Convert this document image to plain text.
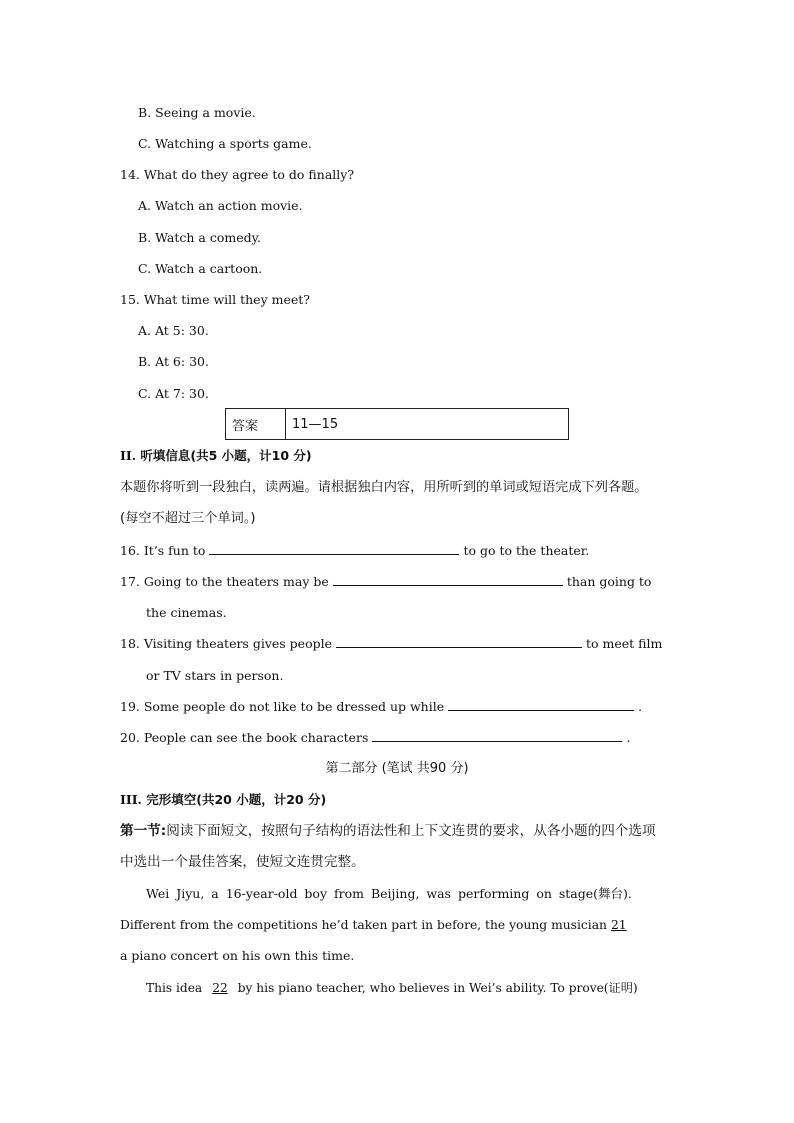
B. Seeing a movie.
C. Watching a sports game.
14. What do they agree to do finally?
A. Watch an action movie.
B. Watch a comedy.
C. Watch a cartoon.
15. What time will they meet?
A. At 5: 30.
B. At 6: 30.
C. At 7: 30.
答案	11—15
II. 听填信息(共5 小题，计10 分)
本题你将听到一段独白，读两遍。请根据独白内容，用所听到的单词或短语完成下列各题。
(每空不超过三个单词。)
16. It’s fun to	to go to the theater.
17. Going to the theaters may be	than going to
the cinemas.
18. Visiting theaters gives people	to meet film
or TV stars in person.
19. Some people do not like to be dressed up while	.
20. People can see the book characters	.
第二部分 (笔试 共90 分)
III. 完形填空(共20 小题，计20 分)
第一节:阅读下面短文，按照句子结构的语法性和上下文连贯的要求，从各小题的四个选项
中选出一个最佳答案，使短文连贯完整。
Wei Jiyu, a 16-year-old boy from Beijing, was performing on stage(舞台).
Different from the competitions he’d taken part in before, the young musician 21
a piano concert on his own this time.
This idea 22 by his piano teacher, who believes in Wei’s ability. To prove(证明)
